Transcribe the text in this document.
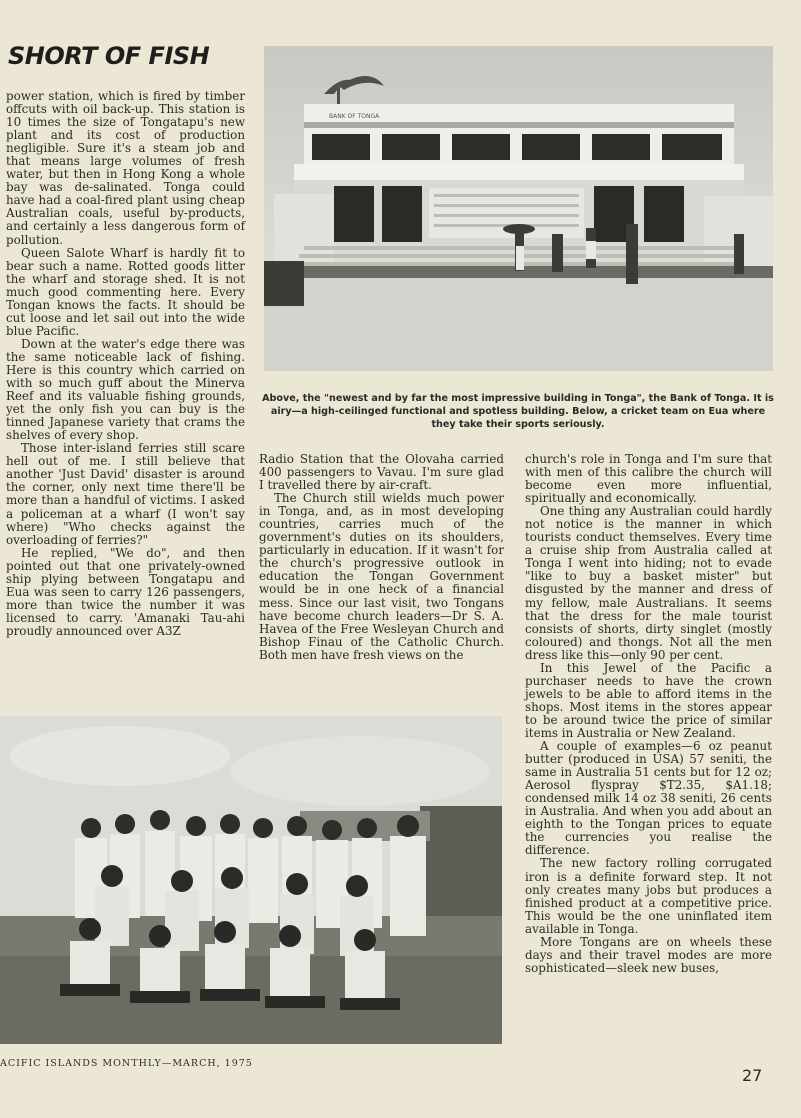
SHORT OF FISH

power station, which is fired by timber offcuts with oil back-up. This station is 10 times the size of Tongatapu's new plant and its cost of production negligible. Sure it's a steam job and that means large volumes of fresh water, but then in Hong Kong a whole bay was de-salinated. Tonga could have had a coal-fired plant using cheap Australian coals, useful by-products, and certainly a less dangerous form of pollution.

Queen Salote Wharf is hardly fit to bear such a name. Rotted goods litter the wharf and storage shed. It is not much good commenting here. Every Tongan knows the facts. It should be cut loose and let sail out into the wide blue Pacific.

Down at the water's edge there was the same noticeable lack of fishing. Here is this country which carried on with so much guff about the Minerva Reef and its valuable fishing grounds, yet the only fish you can buy is the tinned Japanese variety that crams the shelves of every shop.

Those inter-island ferries still scare hell out of me. I still believe that another 'Just David' disaster is around the corner, only next time there'll be more than a handful of victims. I asked a policeman at a wharf (I won't say where) "Who checks against the overloading of ferries?"

He replied, "We do", and then pointed out that one privately-owned ship plying between Tongatapu and Eua was seen to carry 126 passengers, more than twice the number it was licensed to carry. 'Amanaki Tau-ahi proudly announced over A3Z

BANK OF TONGA
Above, the "newest and by far the most impressive building in Tonga", the Bank of Tonga. It is airy—a high-ceilinged functional and spotless building. Below, a cricket team on Eua where they take their sports seriously.

Radio Station that the Olovaha carried 400 passengers to Vavau. I'm sure glad I travelled there by air-craft.

The Church still wields much power in Tonga, and, as in most developing countries, carries much of the government's duties on its shoulders, particularly in education. If it wasn't for the church's progressive outlook in education the Tongan Government would be in one heck of a financial mess. Since our last visit, two Tongans have become church leaders—Dr S. A. Havea of the Free Wesleyan Church and Bishop Finau of the Catholic Church. Both men have fresh views on the

church's role in Tonga and I'm sure that with men of this calibre the church will become even more influential, spiritually and economically.

One thing any Australian could hardly not notice is the manner in which tourists conduct themselves. Every time a cruise ship from Australia called at Tonga I went into hiding; not to evade "like to buy a basket mister" but disgusted by the manner and dress of my fellow, male Australians. It seems that the dress for the male tourist consists of shorts, dirty singlet (mostly coloured) and thongs. Not all the men dress like this—only 90 per cent.

In this Jewel of the Pacific a purchaser needs to have the crown jewels to be able to afford items in the shops. Most items in the stores appear to be around twice the price of similar items in Australia or New Zealand.

A couple of examples—6 oz peanut butter (produced in USA) 57 seniti, the same in Australia 51 cents but for 12 oz; Aerosol flyspray $T2.35, $A1.18; condensed milk 14 oz 38 seniti, 26 cents in Australia. And when you add about an eighth to the Tongan prices to equate the currencies you realise the difference.

The new factory rolling corrugated iron is a definite forward step. It not only creates many jobs but produces a finished product at a competitive price. This would be the one uninflated item available in Tonga.

More Tongans are on wheels these days and their travel modes are more sophisticated—sleek new buses,

ACIFIC ISLANDS MONTHLY—MARCH, 1975
27
